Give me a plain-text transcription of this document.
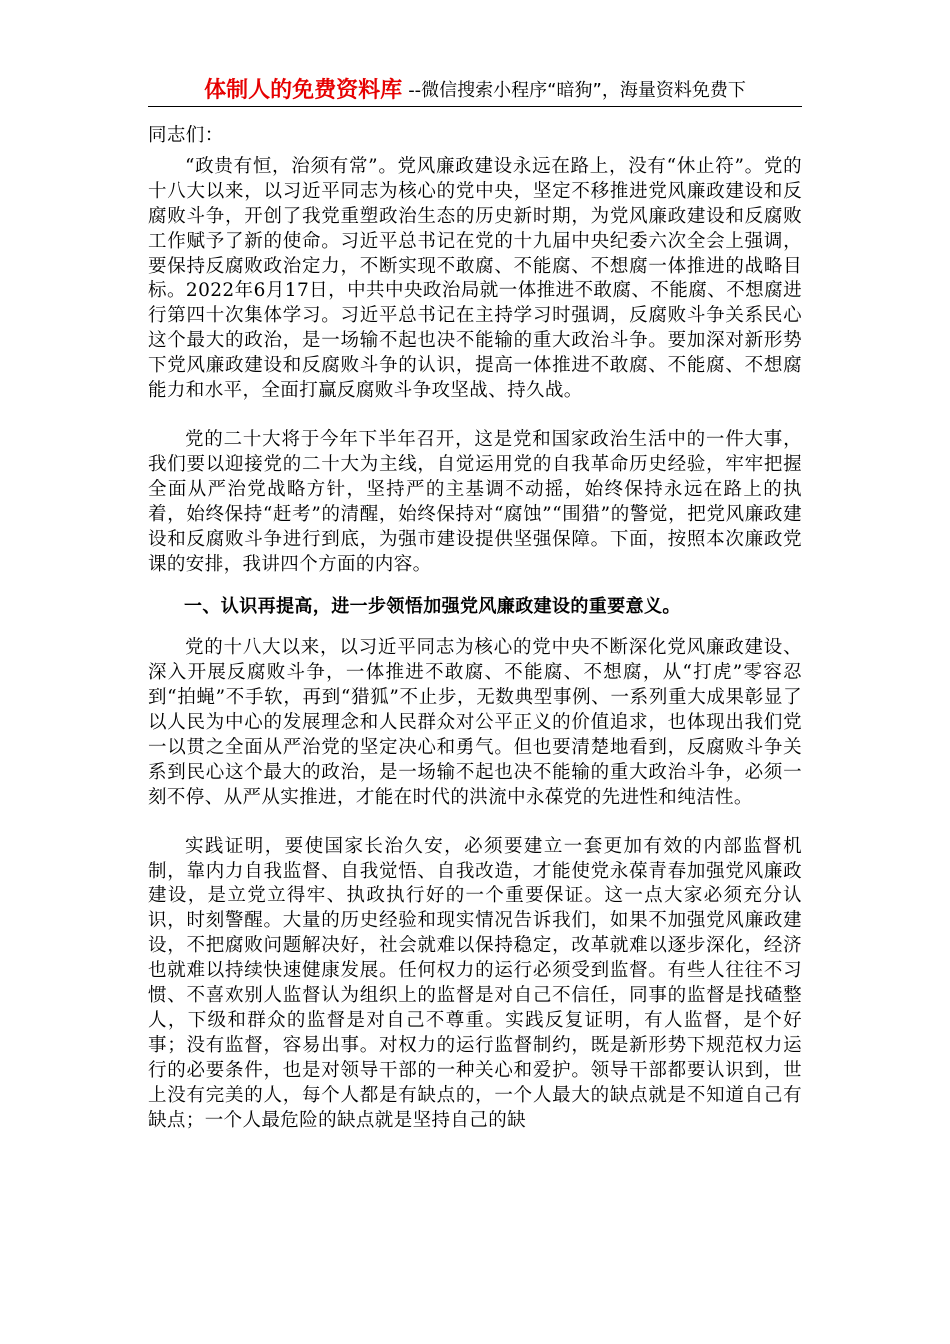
体制人的免费资料库 --微信搜索小程序“暗狗”，海量资料免费下

同志们：

“政贵有恒，治须有常”。党风廉政建设永远在路上，没有“休止符”。党的十八大以来，以习近平同志为核心的党中央，坚定不移推进党风廉政建设和反腐败斗争，开创了我党重塑政治生态的历史新时期，为党风廉政建设和反腐败工作赋予了新的使命。习近平总书记在党的十九届中央纪委六次全会上强调，要保持反腐败政治定力，不断实现不敢腐、不能腐、不想腐一体推进的战略目标。2022年6月17日，中共中央政治局就一体推进不敢腐、不能腐、不想腐进行第四十次集体学习。习近平总书记在主持学习时强调，反腐败斗争关系民心这个最大的政治，是一场输不起也决不能输的重大政治斗争。要加深对新形势下党风廉政建设和反腐败斗争的认识，提高一体推进不敢腐、不能腐、不想腐能力和水平，全面打赢反腐败斗争攻坚战、持久战。

党的二十大将于今年下半年召开，这是党和国家政治生活中的一件大事，我们要以迎接党的二十大为主线，自觉运用党的自我革命历史经验，牢牢把握全面从严治党战略方针，坚持严的主基调不动摇，始终保持永远在路上的执着，始终保持“赶考”的清醒，始终保持对“腐蚀”“围猎”的警觉，把党风廉政建设和反腐败斗争进行到底，为强市建设提供坚强保障。下面，按照本次廉政党课的安排，我讲四个方面的内容。

一、认识再提高，进一步领悟加强党风廉政建设的重要意义。

党的十八大以来，以习近平同志为核心的党中央不断深化党风廉政建设、深入开展反腐败斗争，一体推进不敢腐、不能腐、不想腐，从“打虎”零容忍到“拍蝇”不手软，再到“猎狐”不止步，无数典型事例、一系列重大成果彰显了以人民为中心的发展理念和人民群众对公平正义的价值追求，也体现出我们党一以贯之全面从严治党的坚定决心和勇气。但也要清楚地看到，反腐败斗争关系到民心这个最大的政治，是一场输不起也决不能输的重大政治斗争，必须一刻不停、从严从实推进，才能在时代的洪流中永葆党的先进性和纯洁性。

实践证明，要使国家长治久安，必须要建立一套更加有效的内部监督机制，靠内力自我监督、自我觉悟、自我改造，才能使党永葆青春加强党风廉政建设，是立党立得牢、执政执行好的一个重要保证。这一点大家必须充分认识，时刻警醒。大量的历史经验和现实情况告诉我们，如果不加强党风廉政建设，不把腐败问题解决好，社会就难以保持稳定，改革就难以逐步深化，经济也就难以持续快速健康发展。任何权力的运行必须受到监督。有些人往往不习惯、不喜欢别人监督认为组织上的监督是对自己不信任，同事的监督是找碴整人，下级和群众的监督是对自己不尊重。实践反复证明，有人监督，是个好事；没有监督，容易出事。对权力的运行监督制约，既是新形势下规范权力运行的必要条件，也是对领导干部的一种关心和爱护。领导干部都要认识到，世上没有完美的人，每个人都是有缺点的，一个人最大的缺点就是不知道自己有缺点；一个人最危险的缺点就是坚持自己的缺
